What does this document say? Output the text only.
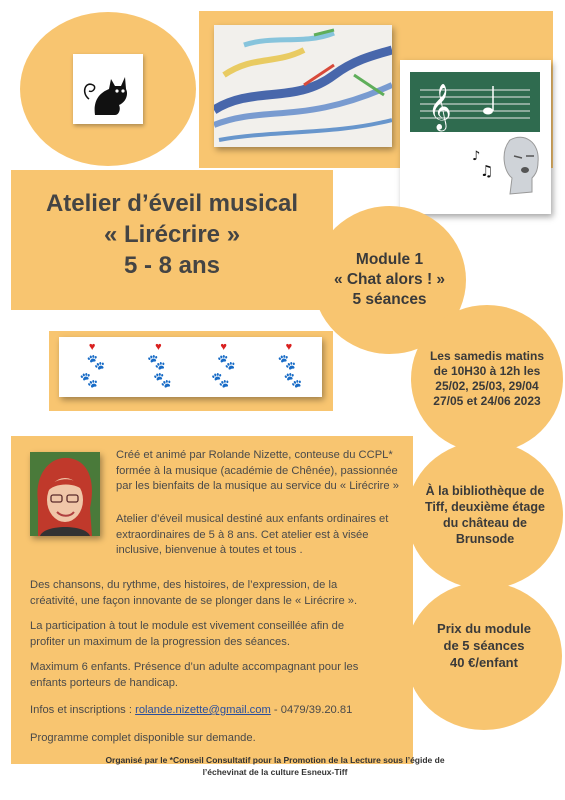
𝄞
♪
♫
Atelier d’éveil musical
« Lirécrire »
5 - 8 ans	Module 1
« Chat alors ! »
5 séances
♥
🐾
🐾
♥
🐾
🐾
♥
🐾
🐾
♥
🐾
🐾
Les samedis matins de 10H30 à 12h les 25/02, 25/03, 29/04 27/05 et 24/06 2023
Créé et animé par Rolande Nizette, conteuse du CCPL* formée à la musique (académie de Chênée), passionnée par les bienfaits de la musique au service du « Lirécrire »
Atelier d’éveil musical destiné aux enfants ordinaires et extraordinaires de 5 à 8 ans. Cet atelier est à visée inclusive, bienvenue à toutes et tous .
Des chansons, du rythme, des histoires, de l’expression, de la créativité, une façon innovante de se plonger dans le « Lirécrire ».
La participation à tout le module est vivement conseillée afin de profiter un maximum de la progression des séances.
Maximum 6 enfants. Présence d’un adulte accompagnant pour les enfants porteurs de handicap.
Infos et inscriptions : rolande.nizette@gmail.com - 0479/39.20.81
Programme complet disponible sur demande.
À la bibliothèque de Tiff, deuxième étage du château de Brunsode
Prix du module
de 5 séances
40 €/enfant
Organisé par le *Conseil Consultatif pour la Promotion de la Lecture sous l’égide de
l’échevinat de la culture Esneux-Tiff
